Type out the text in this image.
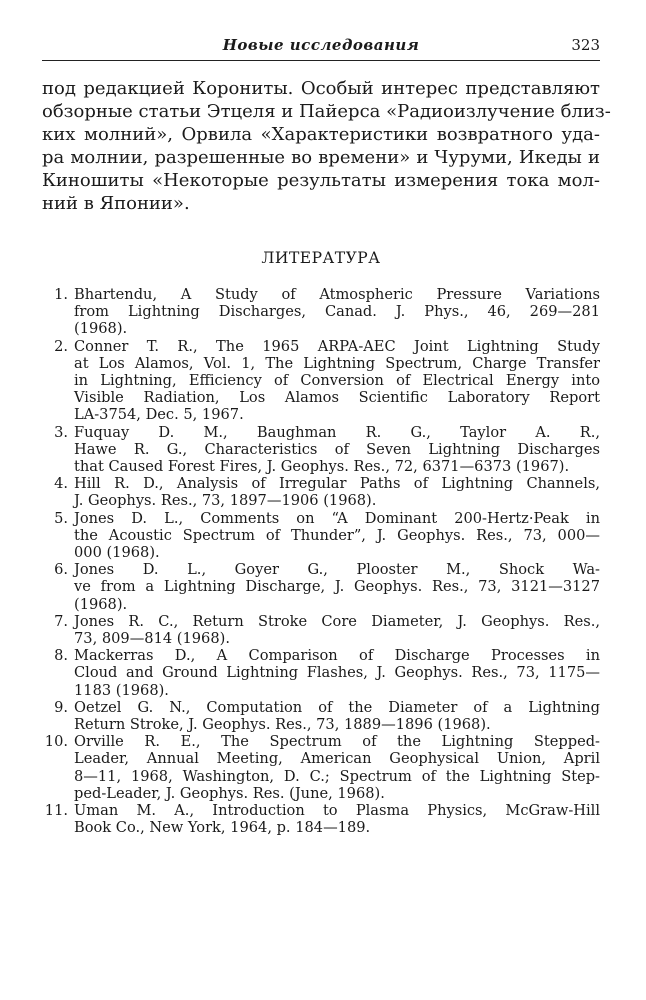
Новые исследования	323
под редакцией Корониты. Особый интерес представляют
обзорные статьи Этцеля и Пайерса «Радиоизлучение близ-
ких молний», Орвила «Характеристики возвратного уда-
ра молнии, разрешенные во времени» и Чуруми, Икеды и
Киношиты «Некоторые результаты измерения тока мол-
ний в Японии».
ЛИТЕРАТУРА
1. Bhartendu, A Study of Atmospheric Pressure Variations
from Lightning Discharges, Canad. J. Phys., 46, 269—281
(1968).
2. Conner T. R., The 1965 ARPA-AEC Joint Lightning Study
at Los Alamos, Vol. 1, The Lightning Spectrum, Charge Transfer
in Lightning, Efficiency of Conversion of Electrical Energy into
Visible Radiation, Los Alamos Scientific Laboratory Report
LA-3754, Dec. 5, 1967.
3. Fuquay D. M., Baughman R. G., Taylor A. R.,
Hawe R. G., Characteristics of Seven Lightning Discharges
that Caused Forest Fires, J. Geophys. Res., 72, 6371—6373 (1967).
4. Hill R. D., Analysis of Irregular Paths of Lightning Channels,
J. Geophys. Res., 73, 1897—1906 (1968).
5. Jones D. L., Comments on “A Dominant 200-Hertz·Peak in
the Acoustic Spectrum of Thunder”, J. Geophys. Res., 73, 000—
000 (1968).
6. Jones D. L., Goyer G., Plooster M., Shock Wa-
ve from a Lightning Discharge, J. Geophys. Res., 73, 3121—3127
(1968).
7. Jones R. C., Return Stroke Core Diameter, J. Geophys. Res.,
73, 809—814 (1968).
8. Mackerras D., A Comparison of Discharge Processes in
Cloud and Ground Lightning Flashes, J. Geophys. Res., 73, 1175—
1183 (1968).
9. Oetzel G. N., Computation of the Diameter of a Lightning
Return Stroke, J. Geophys. Res., 73, 1889—1896 (1968).
10. Orville R. E., The Spectrum of the Lightning Stepped-
Leader, Annual Meeting, American Geophysical Union, April
8—11, 1968, Washington, D. C.; Spectrum of the Lightning Step-
ped-Leader, J. Geophys. Res. (June, 1968).
11. Uman M. A., Introduction to Plasma Physics, McGraw-Hill
Book Co., New York, 1964, p. 184—189.
